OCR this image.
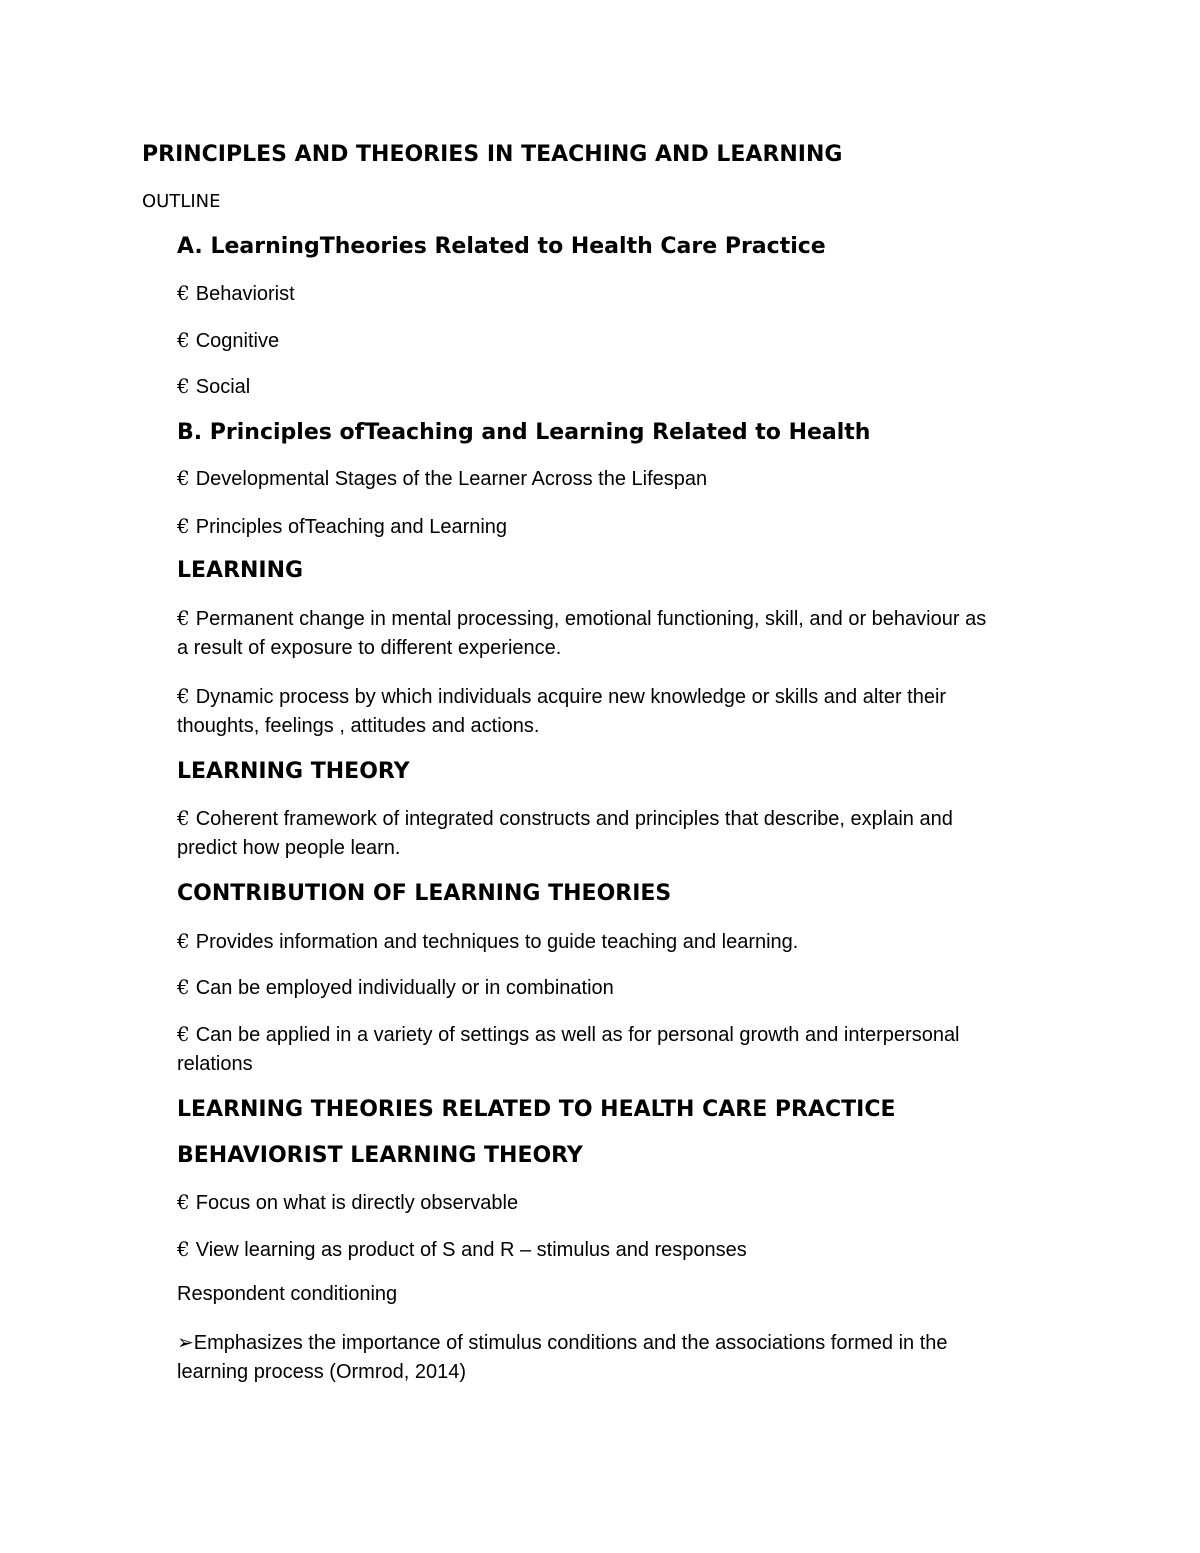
PRINCIPLES AND THEORIES IN TEACHING AND LEARNING
OUTLINE
A. LearningTheories Related to Health Care Practice
€ Behaviorist
€ Cognitive
€ Social
B. Principles ofTeaching and Learning Related to Health
€ Developmental Stages of the Learner Across the Lifespan
€ Principles ofTeaching and Learning
LEARNING
€ Permanent change in mental processing, emotional functioning, skill, and or behaviour as
a result of exposure to different experience.
€ Dynamic process by which individuals acquire new knowledge or skills and alter their
thoughts, feelings , attitudes and actions.
LEARNING THEORY
€ Coherent framework of integrated constructs and principles that describe, explain and
predict how people learn.
CONTRIBUTION OF LEARNING THEORIES
€ Provides information and techniques to guide teaching and learning.
€ Can be employed individually or in combination
€ Can be applied in a variety of settings as well as for personal growth and interpersonal
relations
LEARNING THEORIES RELATED TO HEALTH CARE PRACTICE
BEHAVIORIST LEARNING THEORY
€ Focus on what is directly observable
€ View learning as product of S and R – stimulus and responses
Respondent conditioning
➢Emphasizes the importance of stimulus conditions and the associations formed in the
learning process (Ormrod, 2014)
